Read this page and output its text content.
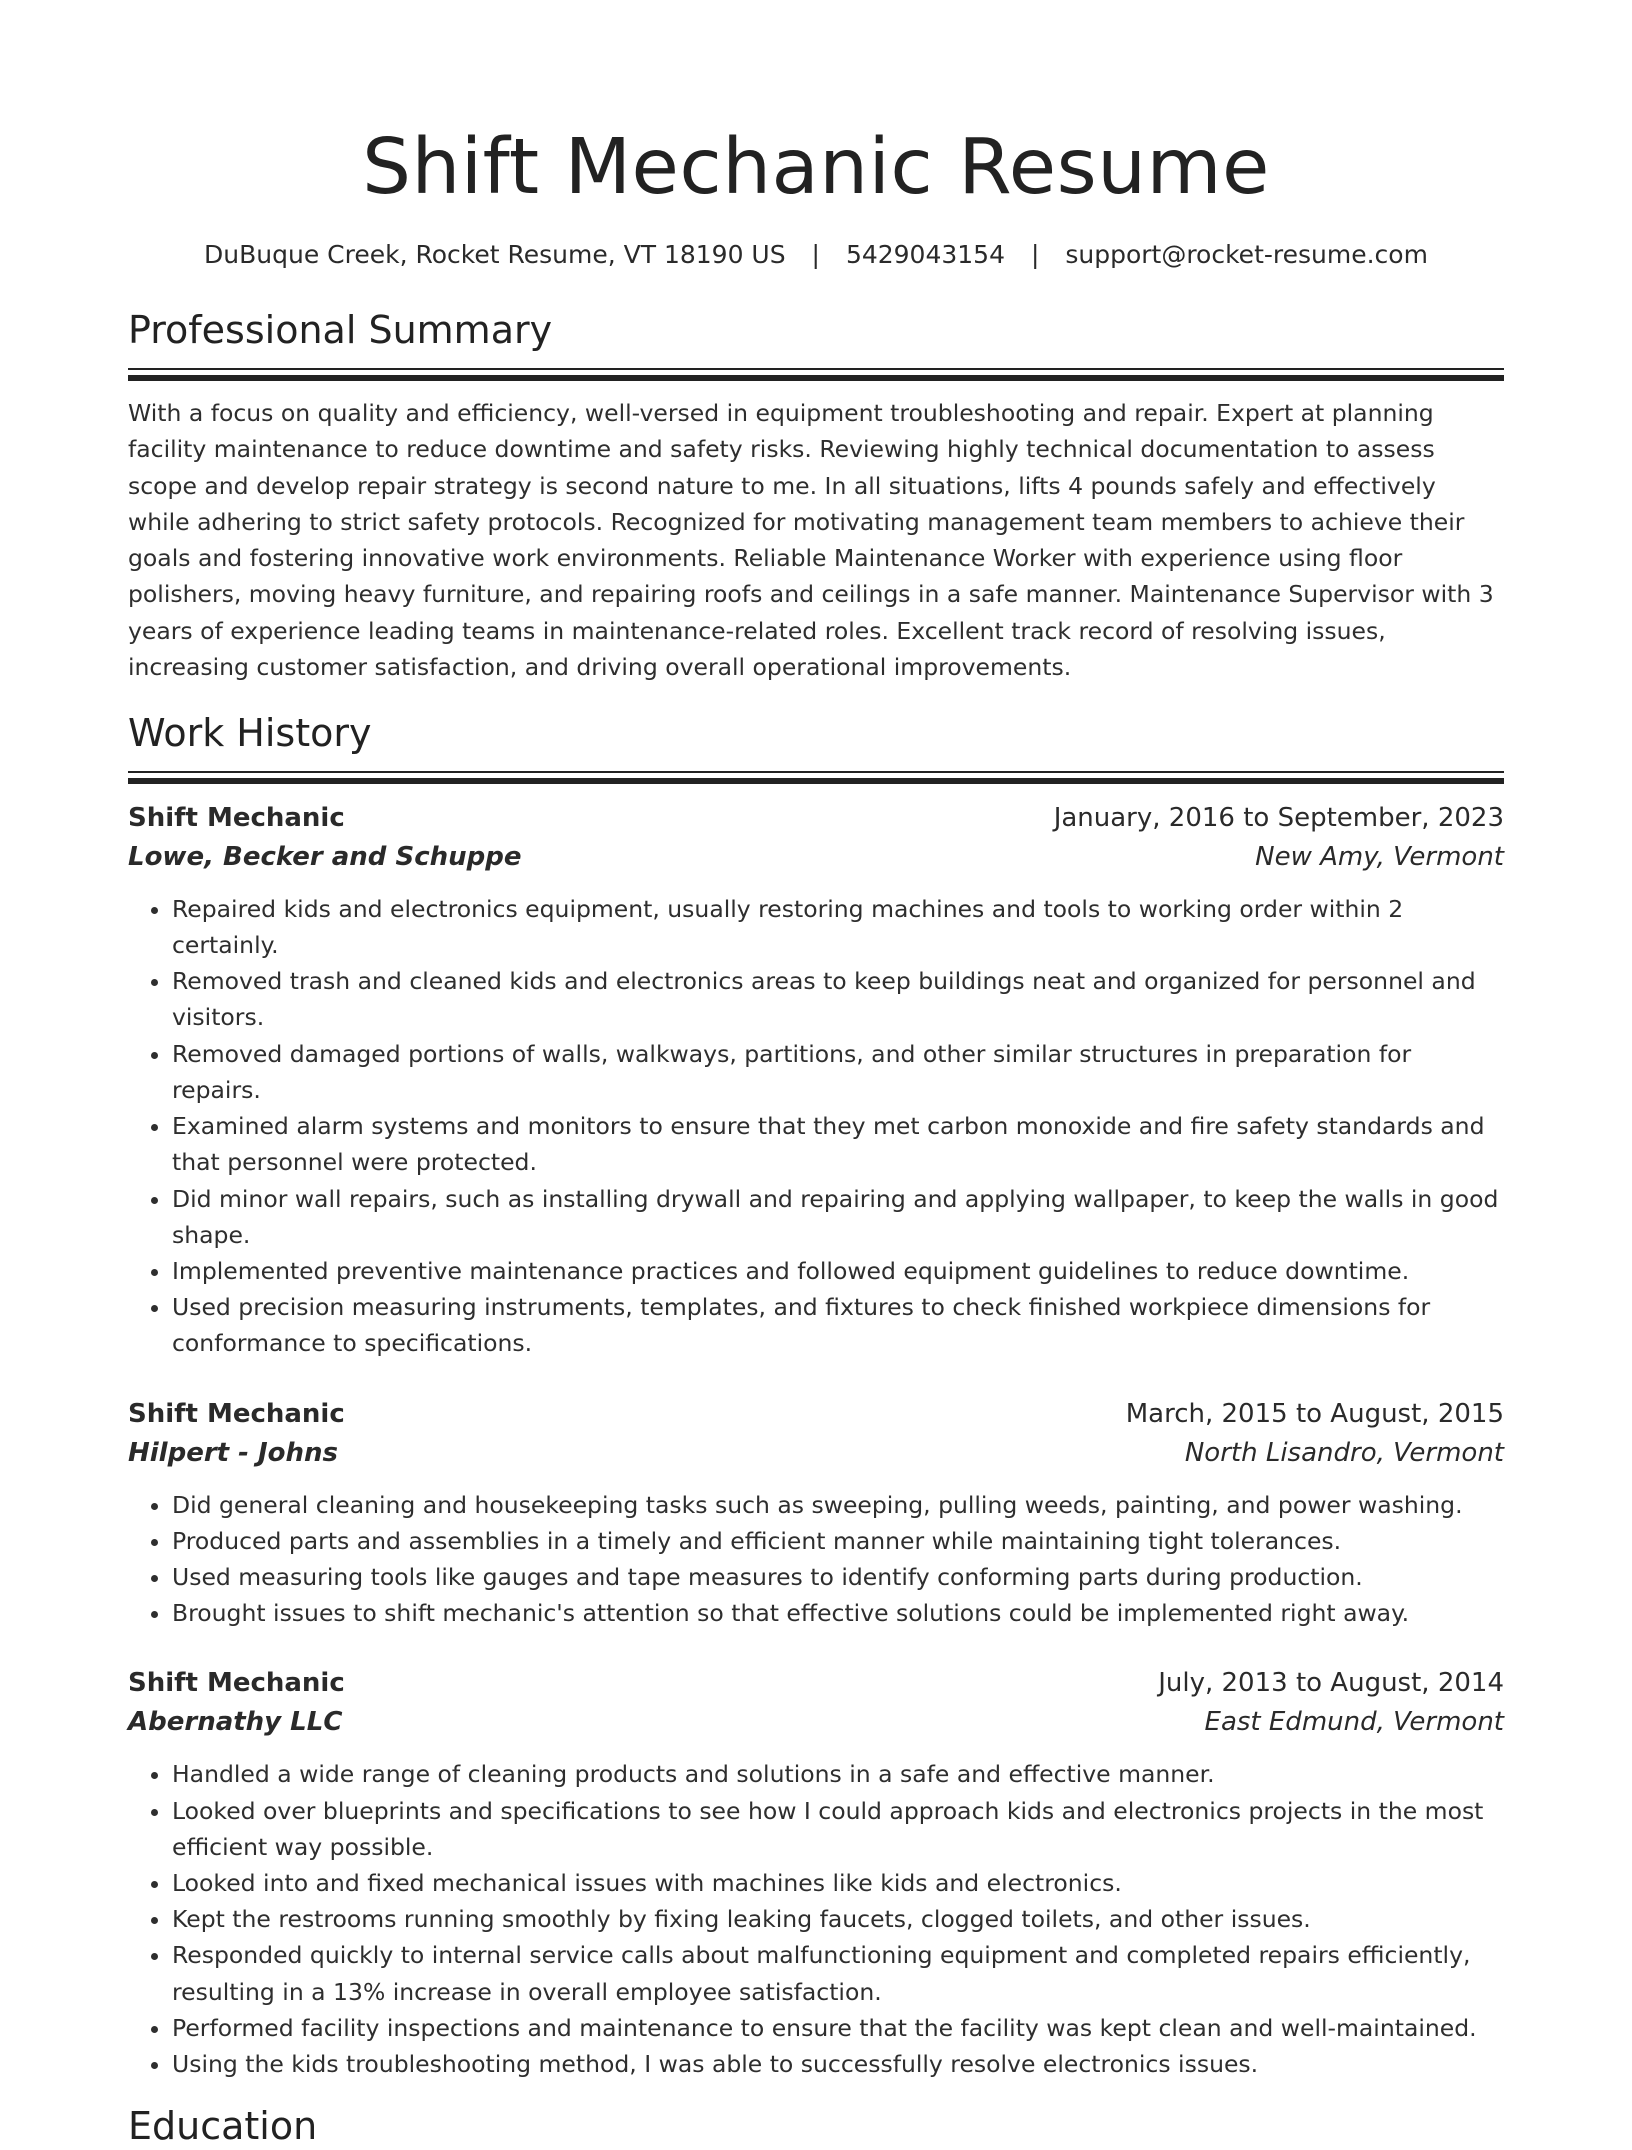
Shift Mechanic Resume
DuBuque Creek, Rocket Resume, VT 18190 US | 5429043154 | support@rocket-resume.com
Professional Summary

With a focus on quality and efficiency, well-versed in equipment troubleshooting and repair. Expert at planning facility maintenance to reduce downtime and safety risks. Reviewing highly technical documentation to assess scope and develop repair strategy is second nature to me. In all situations, lifts 4 pounds safely and effectively while adhering to strict safety protocols. Recognized for motivating management team members to achieve their goals and fostering innovative work environments. Reliable Maintenance Worker with experience using floor polishers, moving heavy furniture, and repairing roofs and ceilings in a safe manner. Maintenance Supervisor with 3 years of experience leading teams in maintenance-related roles. Excellent track record of resolving issues, increasing customer satisfaction, and driving overall operational improvements.

Work History
Shift Mechanic	January, 2016 to September, 2023
Lowe, Becker and Schuppe	New Amy, Vermont
• Repaired kids and electronics equipment, usually restoring machines and tools to working order within 2 certainly.
• Removed trash and cleaned kids and electronics areas to keep buildings neat and organized for personnel and visitors.
• Removed damaged portions of walls, walkways, partitions, and other similar structures in preparation for repairs.
• Examined alarm systems and monitors to ensure that they met carbon monoxide and fire safety standards and that personnel were protected.
• Did minor wall repairs, such as installing drywall and repairing and applying wallpaper, to keep the walls in good shape.
• Implemented preventive maintenance practices and followed equipment guidelines to reduce downtime.
• Used precision measuring instruments, templates, and fixtures to check finished workpiece dimensions for conformance to specifications.
Shift Mechanic	March, 2015 to August, 2015
Hilpert - Johns	North Lisandro, Vermont
• Did general cleaning and housekeeping tasks such as sweeping, pulling weeds, painting, and power washing.
• Produced parts and assemblies in a timely and efficient manner while maintaining tight tolerances.
• Used measuring tools like gauges and tape measures to identify conforming parts during production.
• Brought issues to shift mechanic's attention so that effective solutions could be implemented right away.
Shift Mechanic	July, 2013 to August, 2014
Abernathy LLC	East Edmund, Vermont
• Handled a wide range of cleaning products and solutions in a safe and effective manner.
• Looked over blueprints and specifications to see how I could approach kids and electronics projects in the most efficient way possible.
• Looked into and fixed mechanical issues with machines like kids and electronics.
• Kept the restrooms running smoothly by fixing leaking faucets, clogged toilets, and other issues.
• Responded quickly to internal service calls about malfunctioning equipment and completed repairs efficiently, resulting in a 13% increase in overall employee satisfaction.
• Performed facility inspections and maintenance to ensure that the facility was kept clean and well-maintained.
• Using the kids troubleshooting method, I was able to successfully resolve electronics issues.
Education
